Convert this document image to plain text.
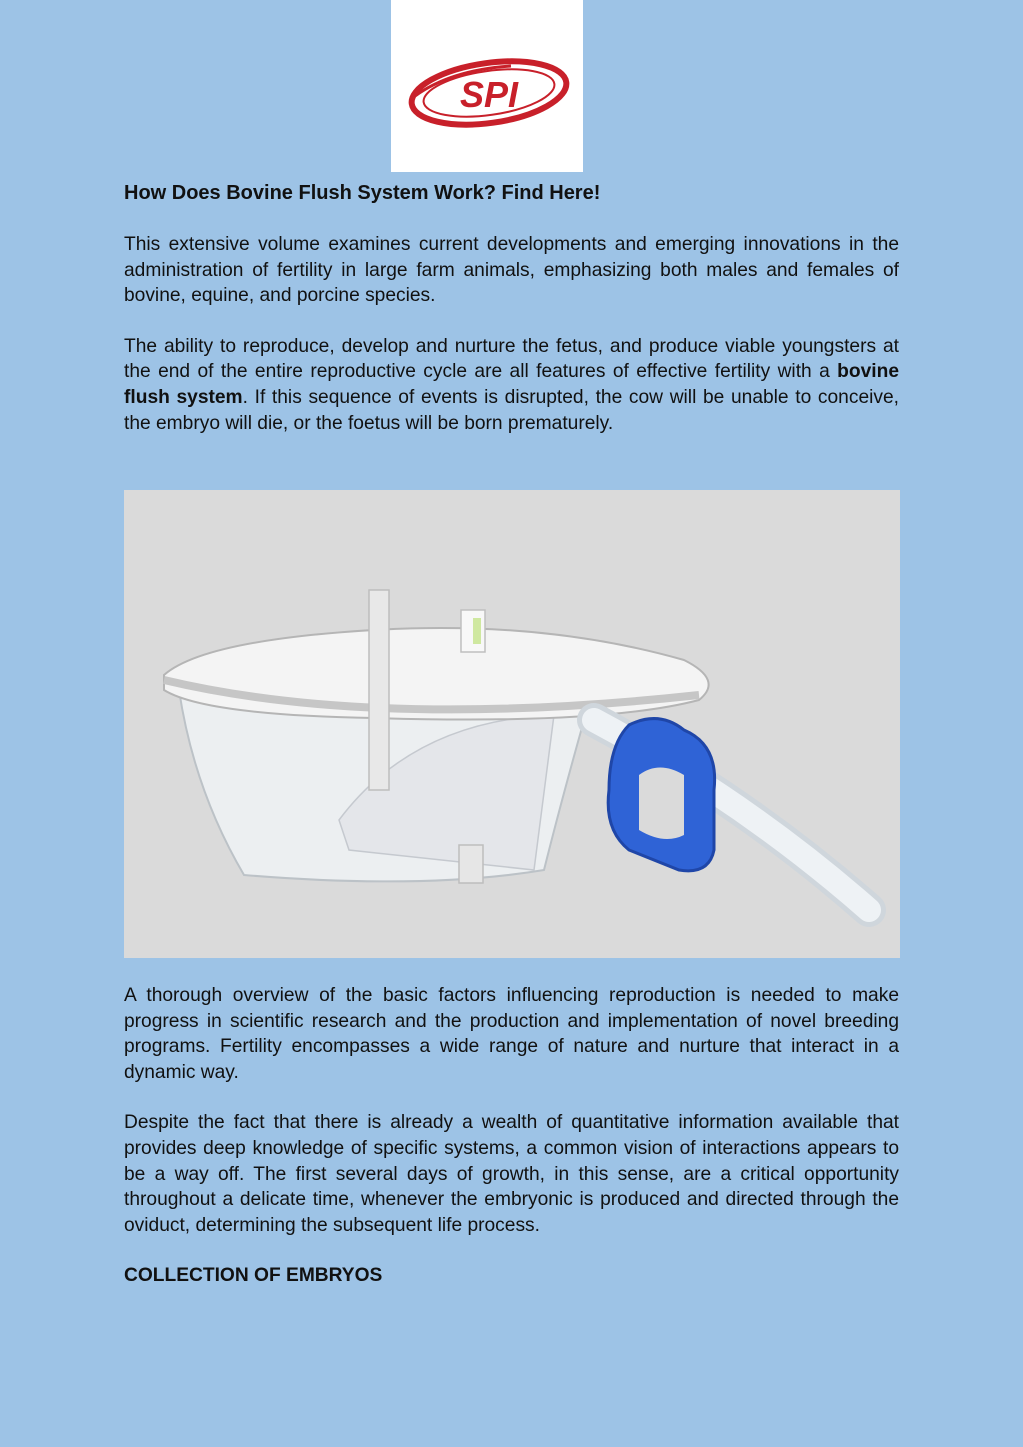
SPI
How Does Bovine Flush System Work? Find Here!

This extensive volume examines current developments and emerging innovations in the administration of fertility in large farm animals, emphasizing both males and females of bovine, equine, and porcine species.

The ability to reproduce, develop and nurture the fetus, and produce viable youngsters at the end of the entire reproductive cycle are all features of effective fertility with a bovine flush system. If this sequence of events is disrupted, the cow will be unable to conceive, the embryo will die, or the foetus will be born prematurely.

A thorough overview of the basic factors influencing reproduction is needed to make progress in scientific research and the production and implementation of novel breeding programs. Fertility encompasses a wide range of nature and nurture that interact in a dynamic way.

Despite the fact that there is already a wealth of quantitative information available that provides deep knowledge of specific systems, a common vision of interactions appears to be a way off. The first several days of growth, in this sense, are a critical opportunity throughout a delicate time, whenever the embryonic is produced and directed through the oviduct, determining the subsequent life process.

COLLECTION OF EMBRYOS
